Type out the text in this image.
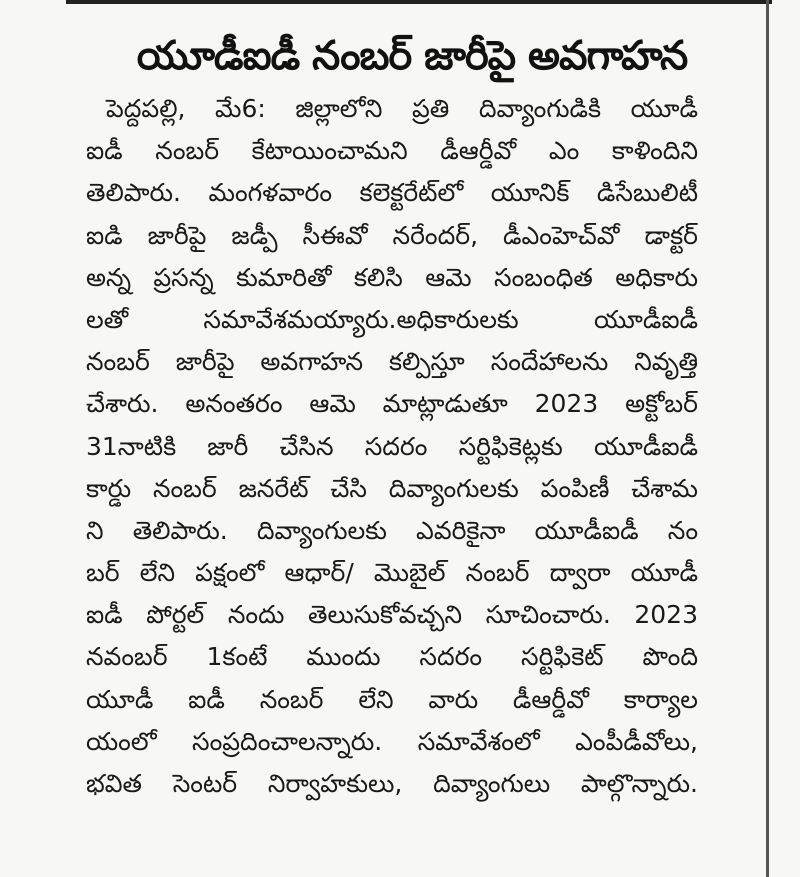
యూడీఐడీ నంబర్ జారీపై అవగాహన
పెద్దపల్లి, మే6: జిల్లాలోని ప్రతి దివ్యాంగుడికి యూడీ
ఐడీ నంబర్ కేటాయించామని డీఆర్డీవో ఎం కాళిందిని
తెలిపారు. మంగళవారం కలెక్టరేట్‌లో యూనిక్ డిసేబులిటీ
ఐడి జారీపై జడ్పీ సీఈవో నరేందర్, డీఎంహెచ్‌వో డాక్టర్
అన్న ప్రసన్న కుమారితో కలిసి ఆమె సంబంధిత అధికారు
లతో సమావేశమయ్యారు.అధికారులకు యూడీఐడీ
నంబర్ జారీపై అవగాహన కల్పిస్తూ సందేహాలను నివృత్తి
చేశారు. అనంతరం ఆమె మాట్లాడుతూ 2023 అక్టోబర్
31నాటికి జారీ చేసిన సదరం సర్టిఫికెట్లకు యూడీఐడీ
కార్డు నంబర్ జనరేట్ చేసి దివ్యాంగులకు పంపిణీ చేశామ
ని తెలిపారు. దివ్యాంగులకు ఎవరికైనా యూడీఐడీ నం
బర్ లేని పక్షంలో ఆధార్/ మొబైల్ నంబర్ ద్వారా యూడీ
ఐడీ పోర్టల్ నందు తెలుసుకోవచ్చని సూచించారు. 2023
నవంబర్ 1కంటే ముందు సదరం సర్టిఫికెట్ పొంది
యూడీ ఐడీ నంబర్ లేని వారు డీఆర్డీవో కార్యాల
యంలో సంప్రదించాలన్నారు. సమావేశంలో ఎంపీడీవోలు,
భవిత సెంటర్ నిర్వాహకులు, దివ్యాంగులు పాల్గొన్నారు.
